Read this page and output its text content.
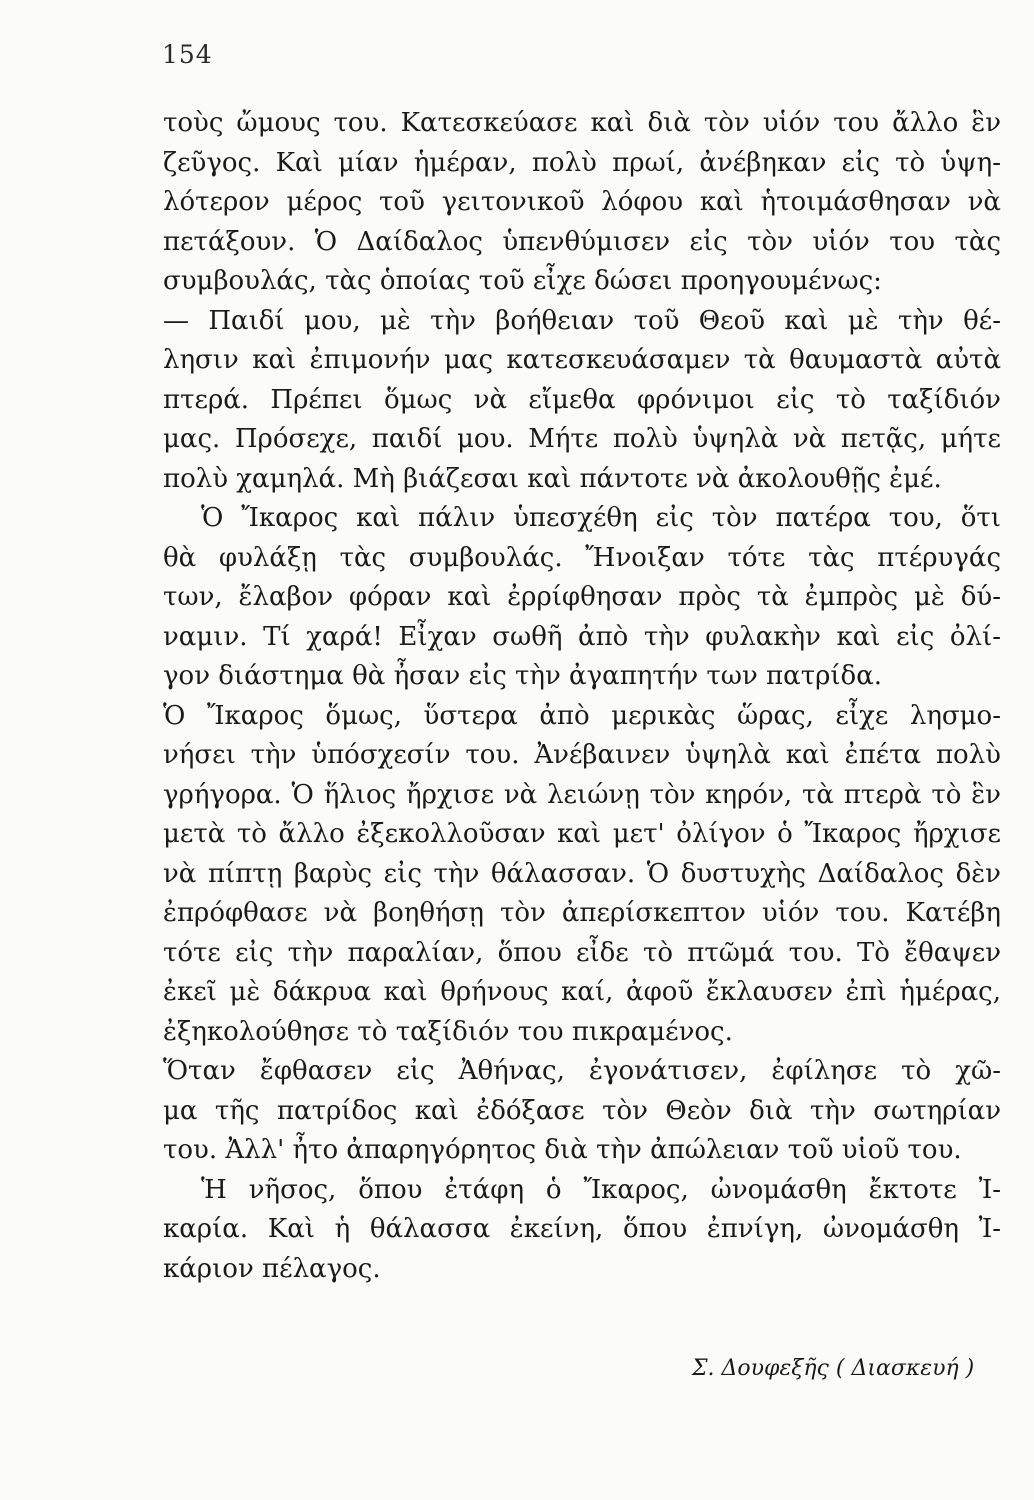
154
τοὺς ὤμους του. Κατεσκεύασε καὶ διὰ τὸν υἱόν του ἄλλο ἓν
ζεῦγος. Καὶ μίαν ἡμέραν, πολὺ πρωί, ἀνέβηκαν εἰς τὸ ὑψη-
λότερον μέρος τοῦ γειτονικοῦ λόφου καὶ ἡτοιμάσθησαν νὰ
πετάξουν. Ὁ Δαίδαλος ὑπενθύμισεν εἰς τὸν υἱόν του τὰς
συμβουλάς, τὰς ὁποίας τοῦ εἶχε δώσει προηγουμένως:
— Παιδί μου, μὲ τὴν βοήθειαν τοῦ Θεοῦ καὶ μὲ τὴν θέ-
λησιν καὶ ἐπιμονήν μας κατεσκευάσαμεν τὰ θαυμαστὰ αὐτὰ
πτερά. Πρέπει ὅμως νὰ εἴμεθα φρόνιμοι εἰς τὸ ταξίδιόν
μας. Πρόσεχε, παιδί μου. Μήτε πολὺ ὑψηλὰ νὰ πετᾷς, μήτε
πολὺ χαμηλά. Μὴ βιάζεσαι καὶ πάντοτε νὰ ἀκολουθῇς ἐμέ.
Ὁ Ἴκαρος καὶ πάλιν ὑπεσχέθη εἰς τὸν πατέρα του, ὅτι
θὰ φυλάξῃ τὰς συμβουλάς. Ἤνοιξαν τότε τὰς πτέρυγάς
των, ἔλαβον φόραν καὶ ἐρρίφθησαν πρὸς τὰ ἐμπρὸς μὲ δύ-
ναμιν. Τί χαρά! Εἶχαν σωθῆ ἀπὸ τὴν φυλακὴν καὶ εἰς ὀλί-
γον διάστημα θὰ ἦσαν εἰς τὴν ἀγαπητήν των πατρίδα.
Ὁ Ἴκαρος ὅμως, ὕστερα ἀπὸ μερικὰς ὥρας, εἶχε λησμο-
νήσει τὴν ὑπόσχεσίν του. Ἀνέβαινεν ὑψηλὰ καὶ ἐπέτα πολὺ
γρήγορα. Ὁ ἥλιος ἤρχισε νὰ λειώνῃ τὸν κηρόν, τὰ πτερὰ τὸ ἓν
μετὰ τὸ ἄλλο ἐξεκολλοῦσαν καὶ μετ' ὀλίγον ὁ Ἴκαρος ἤρχισε
νὰ πίπτῃ βαρὺς εἰς τὴν θάλασσαν. Ὁ δυστυχὴς Δαίδαλος δὲν
ἐπρόφθασε νὰ βοηθήσῃ τὸν ἀπερίσκεπτον υἱόν του. Κατέβη
τότε εἰς τὴν παραλίαν, ὅπου εἶδε τὸ πτῶμά του. Τὸ ἔθαψεν
ἐκεῖ μὲ δάκρυα καὶ θρήνους καί, ἀφοῦ ἔκλαυσεν ἐπὶ ἡμέρας,
ἐξηκολούθησε τὸ ταξίδιόν του πικραμένος.
Ὅταν ἔφθασεν εἰς Ἀθήνας, ἐγονάτισεν, ἐφίλησε τὸ χῶ-
μα τῆς πατρίδος καὶ ἐδόξασε τὸν Θεὸν διὰ τὴν σωτηρίαν
του. Ἀλλ' ἦτο ἀπαρηγόρητος διὰ τὴν ἀπώλειαν τοῦ υἱοῦ του.
Ἡ νῆσος, ὅπου ἐτάφη ὁ Ἴκαρος, ὠνομάσθη ἔκτοτε Ἰ-
καρία. Καὶ ἡ θάλασσα ἐκείνη, ὅπου ἐπνίγη, ὠνομάσθη Ἰ-
κάριον πέλαγος.
Σ. Δουφεξῆς ( Διασκευή )
